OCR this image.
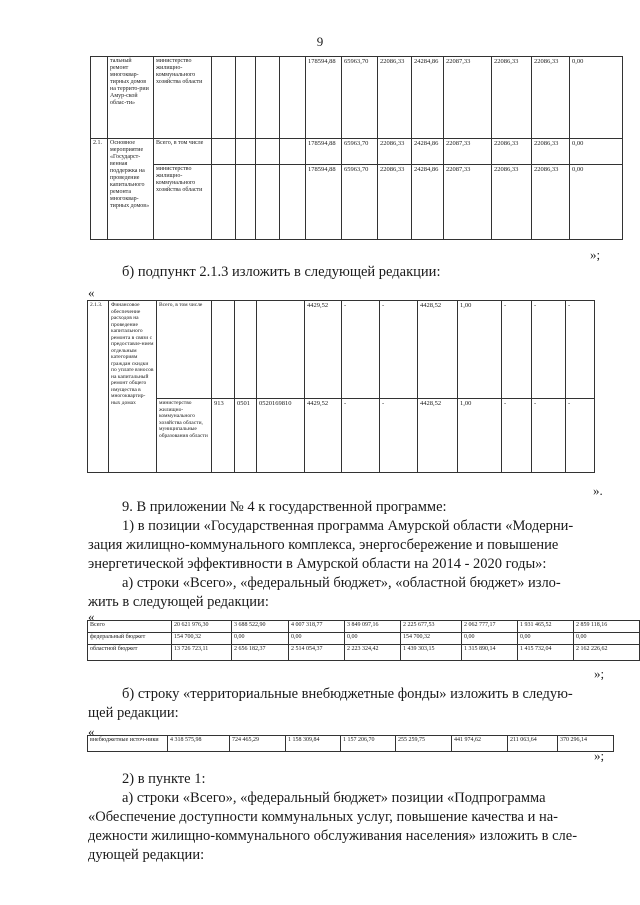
9
	тальный ремонт многоквар-тирных домов на террито-рии Амур-ской облас-ти»	министерство жилищно-коммунального хозяйства области					178594,88	65963,70	22086,33	24284,86	22087,33	22086,33	22086,33	0,00
2.1.	Основное мероприятие «Государст-венная поддержка на проведение капитального ремонта многоквар-тирных домов»	Всего, в том числе					178594,88	65963,70	22086,33	24284,86	22087,33	22086,33	22086,33	0,00
		министерство жилищно-коммунального хозяйства области					178594,88	65963,70	22086,33	24284,86	22087,33	22086,33	22086,33	0,00
»;
б) подпункт 2.1.3 изложить в следующей редакции:
«
2.1.3.	Финансовое обеспечение расходов на проведение капитального ремонта в связи с предоставле-нием отдельным категориям граждан скидки по уплате взносов на капитальный ремонт общего имущества в многоквартир-ных домах	Всего, в том числе				4429,52	-	-	4428,52	1,00	-	-	-
		министерство жилищно-коммунального хозяйства области, муниципальные образования области	913	0501	0520169810	4429,52	-	-	4428,52	1,00	-	-	-
».
9. В приложении № 4 к государственной программе:
1) в позиции «Государственная программа Амурской области «Модерни-
зация жилищно-коммунального комплекса, энергосбережение и повышение
энергетической эффективности в Амурской области на 2014 - 2020 годы»:
а) строки «Всего», «федеральный бюджет», «областной бюджет» изло-
жить в следующей редакции:
«
Всего	20 621 976,30	3 688 522,90	4 007 318,77	3 849 097,16	2 225 677,53	2 062 777,17	1 931 465,52	2 859 118,16
федеральный бюджет	154 700,32	0,00	0,00	0,00	154 700,32	0,00	0,00	0,00
областной бюджет	13 726 723,11	2 656 182,37	2 514 054,37	2 223 324,42	1 439 303,15	1 315 890,14	1 415 732,04	2 162 226,62
»;
б) строку «территориальные внебюджетные фонды» изложить в следую-
щей редакции:
«
внебюджетные источ-ники	4 318 575,98	724 465,29	1 158 309,84	1 157 206,70	255 259,75	441 974,62	211 063,64	370 296,14
»;
2) в пункте 1:
а) строки «Всего», «федеральный бюджет» позиции «Подпрограмма
«Обеспечение доступности коммунальных услуг, повышение качества и на-
дежности жилищно-коммунального обслуживания населения» изложить в сле-
дующей редакции:
